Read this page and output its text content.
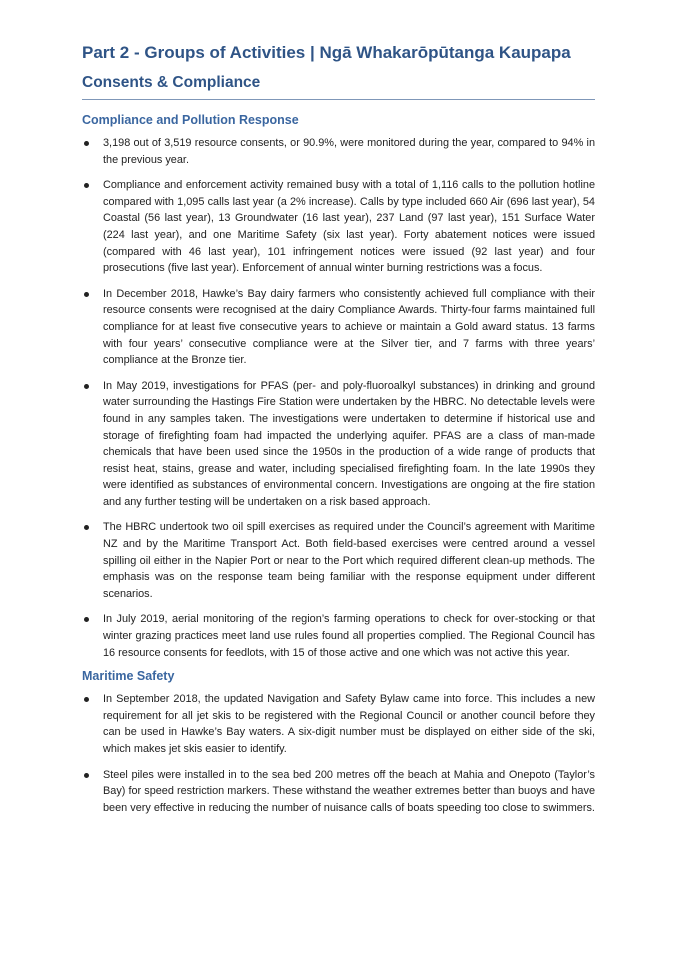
Part 2 - Groups of Activities | Ngā Whakarōpūtanga Kaupapa
Consents & Compliance
Compliance and Pollution Response
3,198 out of 3,519 resource consents, or 90.9%, were monitored during the year, compared to 94% in the previous year.
Compliance and enforcement activity remained busy with a total of 1,116 calls to the pollution hotline compared with 1,095 calls last year (a 2% increase). Calls by type included 660 Air (696 last year), 54 Coastal (56 last year), 13 Groundwater (16 last year), 237 Land (97 last year), 151 Surface Water (224 last year), and one Maritime Safety (six last year). Forty abatement notices were issued (compared with 46 last year), 101 infringement notices were issued (92 last year) and four prosecutions (five last year). Enforcement of annual winter burning restrictions was a focus.
In December 2018, Hawke’s Bay dairy farmers who consistently achieved full compliance with their resource consents were recognised at the dairy Compliance Awards. Thirty-four farms maintained full compliance for at least five consecutive years to achieve or maintain a Gold award status. 13 farms with four years’ consecutive compliance were at the Silver tier, and 7 farms with three years’ compliance at the Bronze tier.
In May 2019, investigations for PFAS (per- and poly-fluoroalkyl substances) in drinking and ground water surrounding the Hastings Fire Station were undertaken by the HBRC. No detectable levels were found in any samples taken. The investigations were undertaken to determine if historical use and storage of firefighting foam had impacted the underlying aquifer. PFAS are a class of man-made chemicals that have been used since the 1950s in the production of a wide range of products that resist heat, stains, grease and water, including specialised firefighting foam. In the late 1990s they were identified as substances of environmental concern. Investigations are ongoing at the fire station and any further testing will be undertaken on a risk based approach.
The HBRC undertook two oil spill exercises as required under the Council’s agreement with Maritime NZ and by the Maritime Transport Act. Both field-based exercises were centred around a vessel spilling oil either in the Napier Port or near to the Port which required different clean-up methods. The emphasis was on the response team being familiar with the response equipment under different scenarios.
In July 2019, aerial monitoring of the region’s farming operations to check for over-stocking or that winter grazing practices meet land use rules found all properties complied. The Regional Council has 16 resource consents for feedlots, with 15 of those active and one which was not active this year.
Maritime Safety
In September 2018, the updated Navigation and Safety Bylaw came into force. This includes a new requirement for all jet skis to be registered with the Regional Council or another council before they can be used in Hawke’s Bay waters. A six-digit number must be displayed on either side of the ski, which makes jet skis easier to identify.
Steel piles were installed in to the sea bed 200 metres off the beach at Mahia and Onepoto (Taylor’s Bay) for speed restriction markers. These withstand the weather extremes better than buoys and have been very effective in reducing the number of nuisance calls of boats speeding too close to swimmers.
